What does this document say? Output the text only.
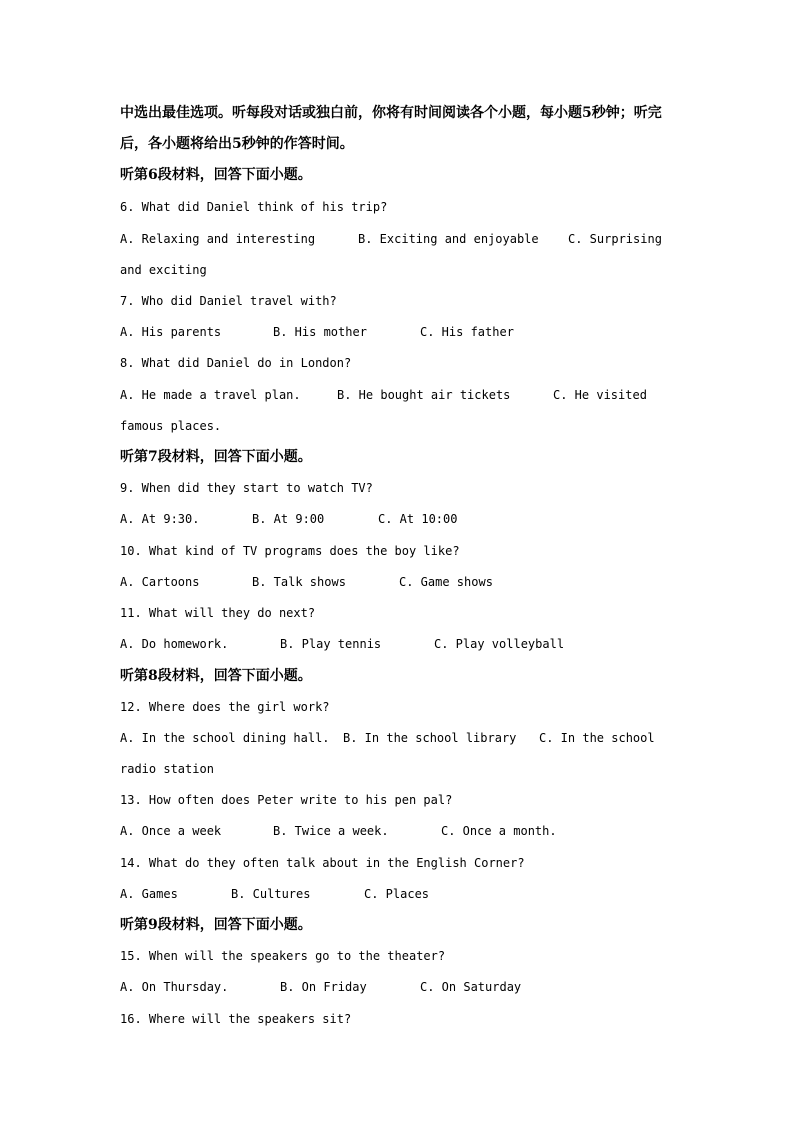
中选出最佳选项。听每段对话或独白前，你将有时间阅读各个小题，每小题5秒钟；听完
后，各小题将给出5秒钟的作答时间。
听第6段材料，回答下面小题。
6. What did Daniel think of his trip?
A. Relaxing and interesting	B. Exciting and enjoyable C. Surprising
and exciting
7. Who did Daniel travel with?
A. His parents	B. His mother	C. His father
8. What did Daniel do in London?
A. He made a travel plan.	B. He bought air tickets	C. He visited
famous places.
听第7段材料，回答下面小题。
9. When did they start to watch TV?
A. At 9:30.	B. At 9:00	C. At 10:00
10. What kind of TV programs does the boy like?
A. Cartoons	B. Talk shows	C. Game shows
11. What will they do next?
A. Do homework.	B. Play tennis	C. Play volleyball
听第8段材料，回答下面小题。
12. Where does the girl work?
A. In the school dining hall. B. In the school library C. In the school
radio station
13. How often does Peter write to his pen pal?
A. Once a week	B. Twice a week.	C. Once a month.
14. What do they often talk about in the English Corner?
A. Games	B. Cultures	C. Places
听第9段材料，回答下面小题。
15. When will the speakers go to the theater?
A. On Thursday.	B. On Friday	C. On Saturday
16. Where will the speakers sit?
